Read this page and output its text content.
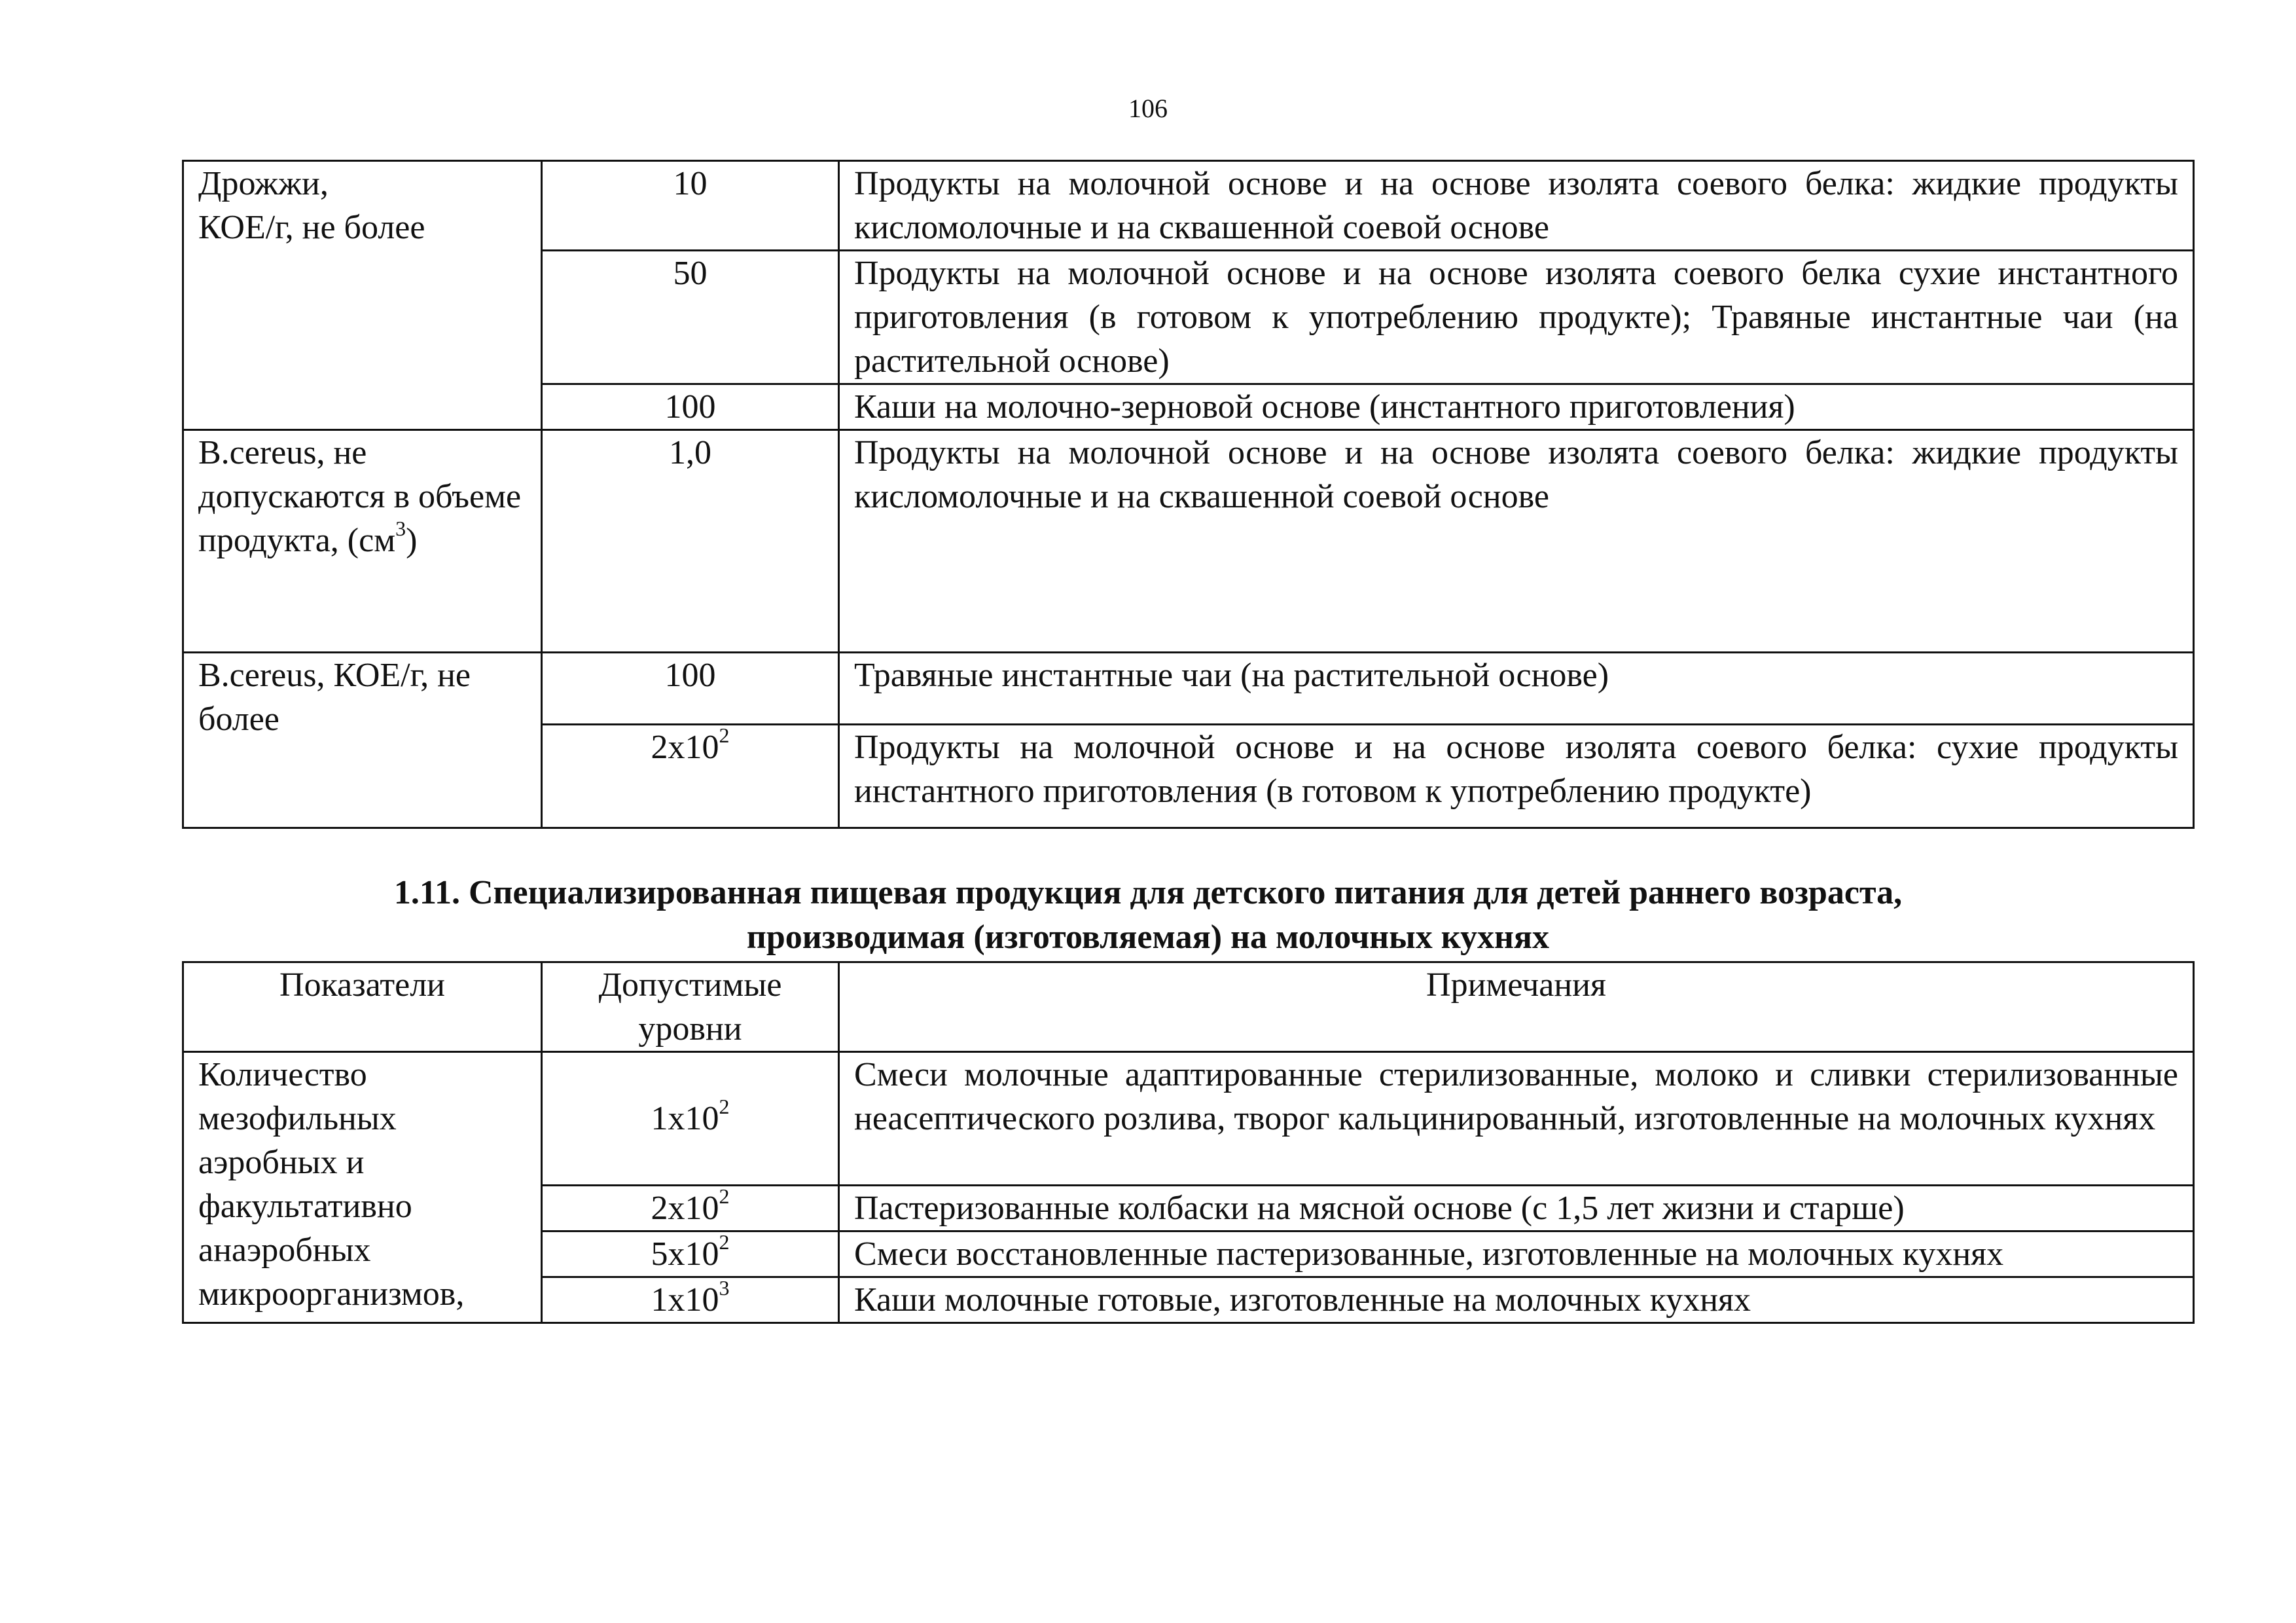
106
Дрожжи,
КОЕ/г, не более	10	Продукты на молочной основе и на основе изолята соевого белка: жидкие продукты кисломолочные и на сквашенной соевой основе
	50	Продукты на молочной основе и на основе изолята соевого белка сухие инстантного приготовления (в готовом к употреблению продукте); Травяные инстантные чаи (на растительной основе)
	100	Каши на молочно-зерновой основе (инстантного приготовления)
B.cereus, не допускаются в объеме продукта, $(см^3)$	1,0	Продукты на молочной основе и на основе изолята соевого белка: жидкие продукты кисломолочные и на сквашенной соевой основе
B.cereus, КОЕ/г, не более	100	Травяные инстантные чаи (на растительной основе)
	$2x10^2$	Продукты на молочной основе и на основе изолята соевого белка: сухие продукты инстантного приготовления (в готовом к употреблению продукте)
1.11. Специализированная пищевая продукция для детского питания для детей раннего возраста,
производимая (изготовляемая) на молочных кухнях
Показатели	Допустимые уровни	Примечания
Количество мезофильных аэробных и факультативно анаэробных микроорганизмов,	$1x10^2$	Смеси молочные адаптированные стерилизованные, молоко и сливки стерилизованные неасептического розлива, творог кальцинированный, изготовленные на молочных кухнях
	$2x10^2$	Пастеризованные колбаски на мясной основе (с 1,5 лет жизни и старше)
	$5x10^2$	Смеси восстановленные пастеризованные, изготовленные на молочных кухнях
	$1x10^3$	Каши молочные готовые, изготовленные на молочных кухнях
